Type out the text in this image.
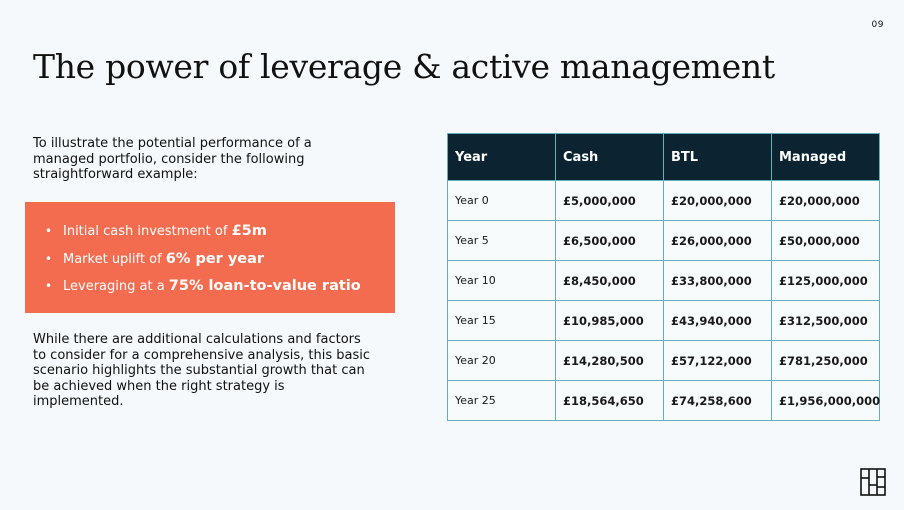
09
The power of leverage & active management

To illustrate the potential performance of a managed portfolio, consider the following straightforward example:

• Initial cash investment of £5m
• Market uplift of 6% per year
• Leveraging at a 75% loan-to-value ratio

While there are additional calculations and factors to consider for a comprehensive analysis, this basic scenario highlights the substantial growth that can be achieved when the right strategy is implemented.

Year	Cash	BTL	Managed
Year 0	£5,000,000	£20,000,000	£20,000,000
Year 5	£6,500,000	£26,000,000	£50,000,000
Year 10	£8,450,000	£33,800,000	£125,000,000
Year 15	£10,985,000	£43,940,000	£312,500,000
Year 20	£14,280,500	£57,122,000	£781,250,000
Year 25	£18,564,650	£74,258,600	£1,956,000,000
